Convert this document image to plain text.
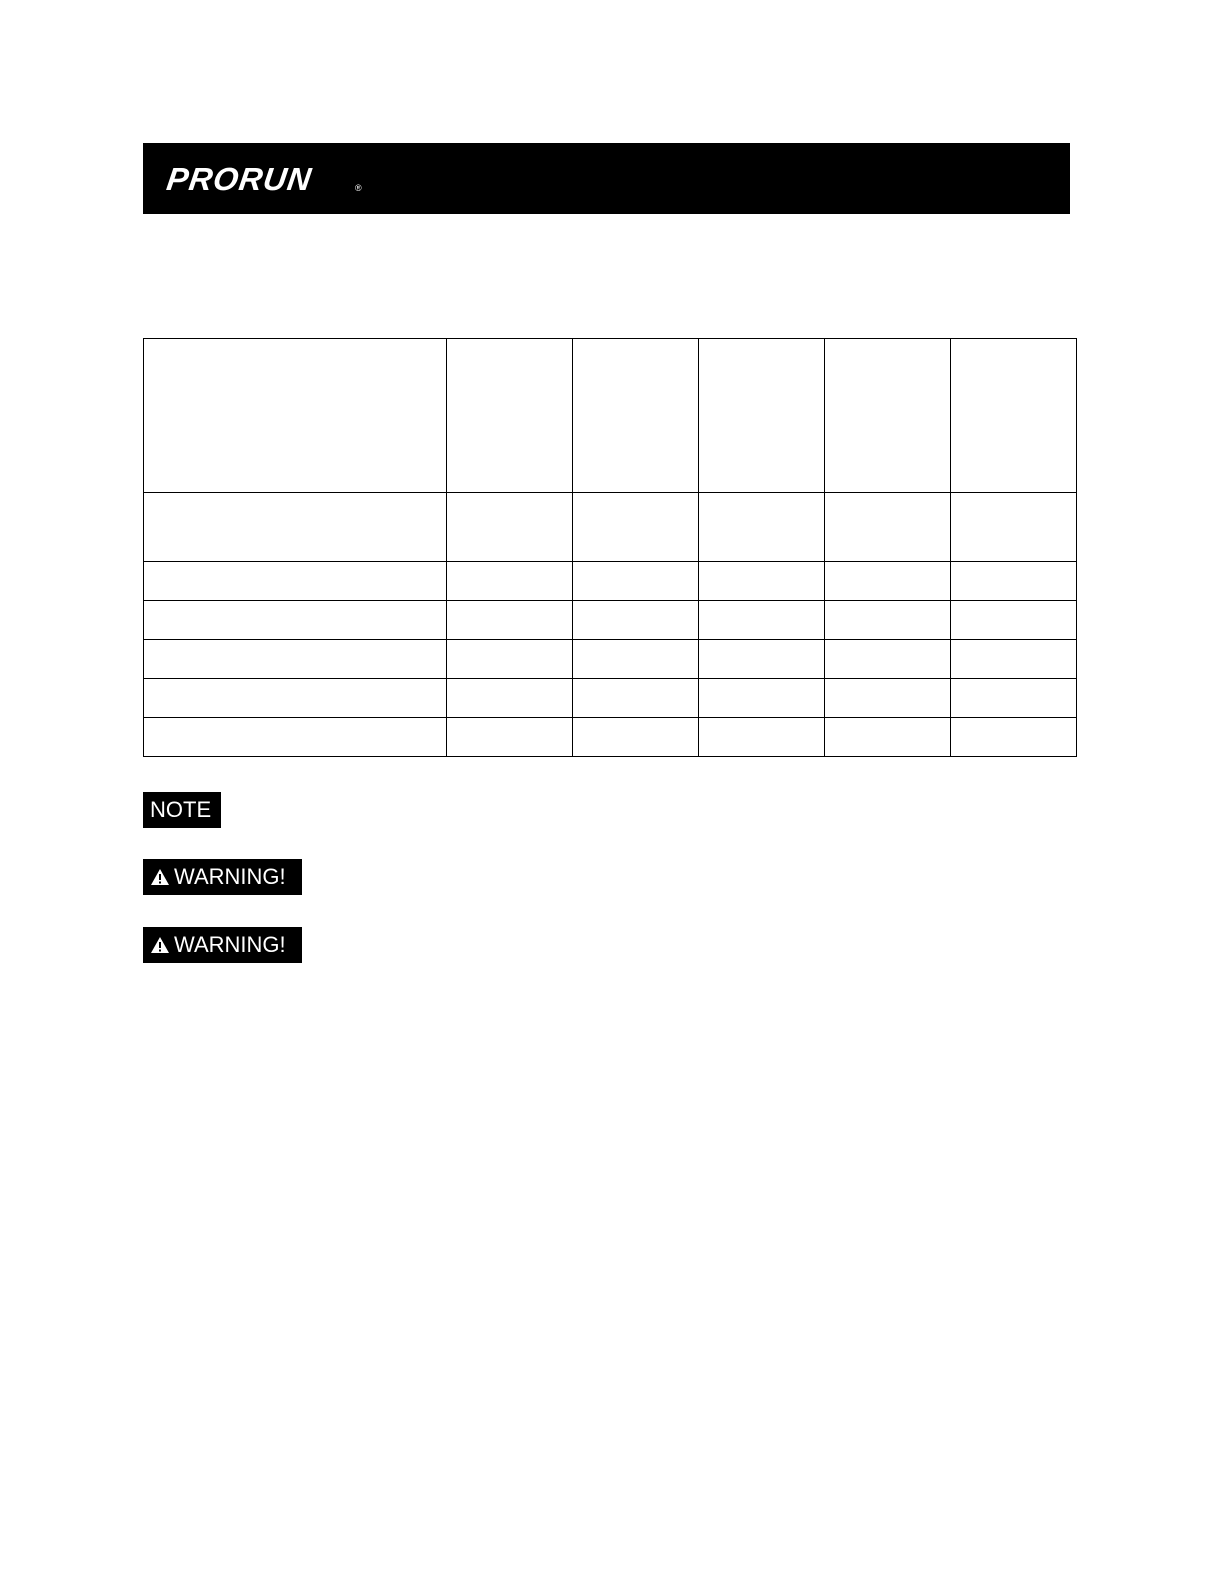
PRORUN	®

NOTE
WARNING!
WARNING!
